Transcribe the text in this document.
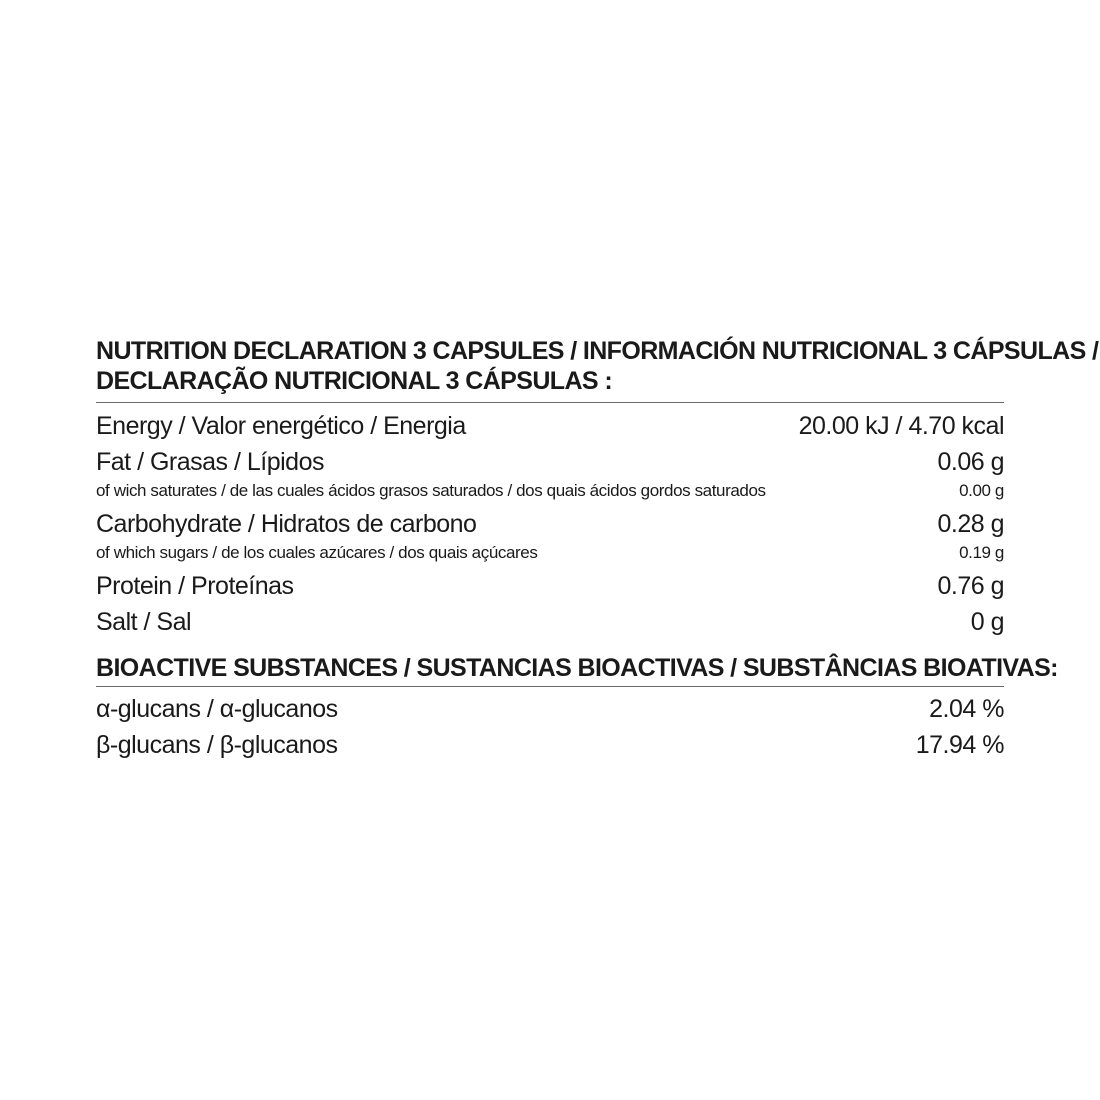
NUTRITION DECLARATION 3 CAPSULES / INFORMACIÓN NUTRICIONAL 3 CÁPSULAS /
DECLARAÇÃO NUTRICIONAL 3 CÁPSULAS :
Energy / Valor energético / Energia	20.00 kJ / 4.70 kcal
Fat / Grasas / Lípidos	0.06 g
of wich saturates / de las cuales ácidos grasos saturados / dos quais ácidos gordos saturados	0.00 g
Carbohydrate / Hidratos de carbono	0.28 g
of which sugars / de los cuales azúcares / dos quais açúcares	0.19 g
Protein / Proteínas	0.76 g
Salt / Sal	0 g
BIOACTIVE SUBSTANCES / SUSTANCIAS BIOACTIVAS / SUBSTÂNCIAS BIOATIVAS:
α-glucans / α-glucanos	2.04 %
β-glucans / β-glucanos	17.94 %
